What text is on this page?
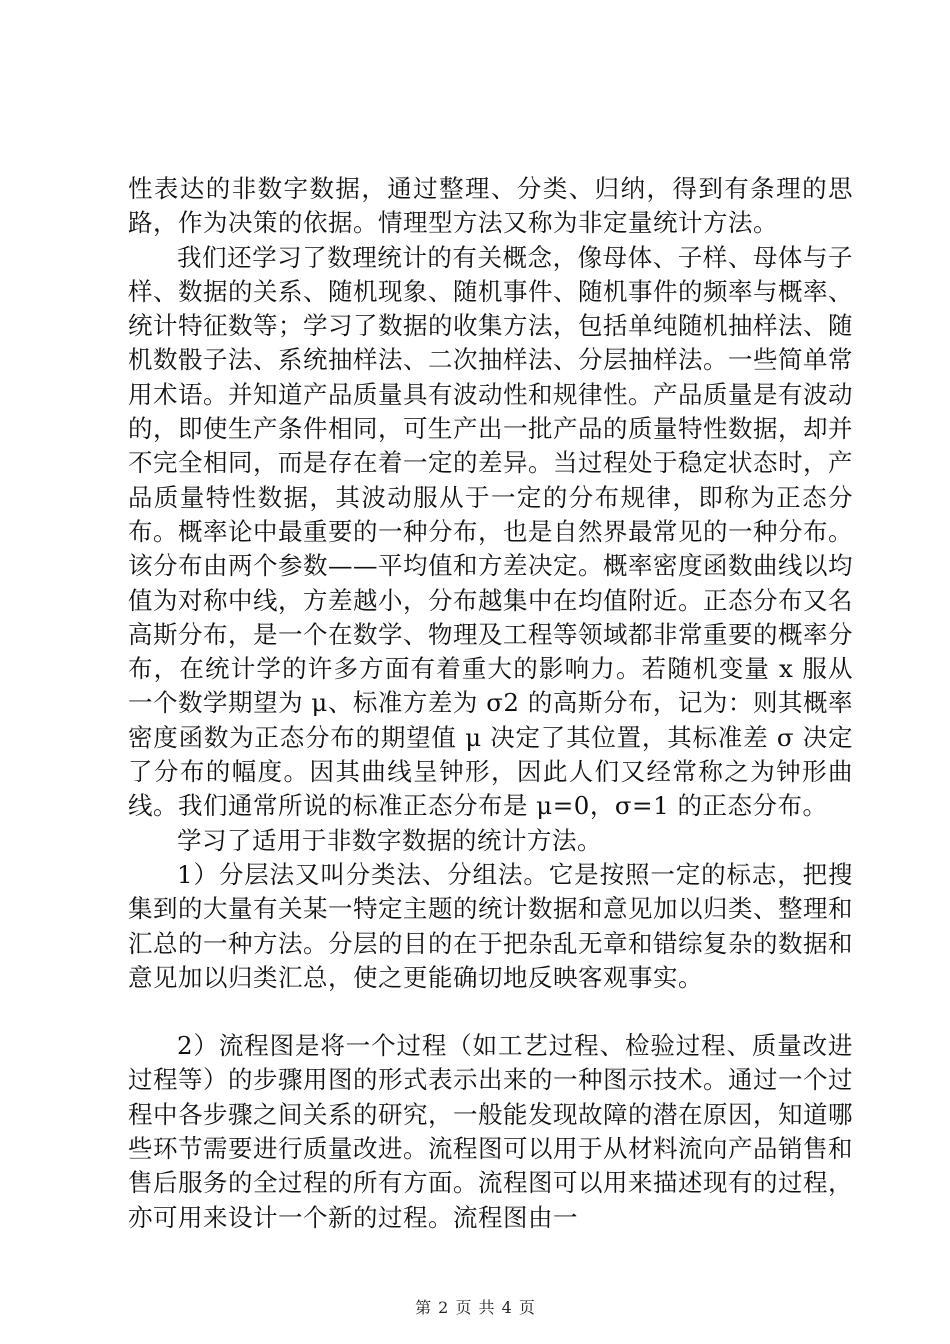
性表达的非数字数据，通过整理、分类、归纳，得到有条理的思路，作为决策的依据。情理型方法又称为非定量统计方法。

我们还学习了数理统计的有关概念，像母体、子样、母体与子样、数据的关系、随机现象、随机事件、随机事件的频率与概率、统计特征数等；学习了数据的收集方法，包括单纯随机抽样法、随机数骰子法、系统抽样法、二次抽样法、分层抽样法。一些简单常用术语。并知道产品质量具有波动性和规律性。产品质量是有波动的，即使生产条件相同，可生产出一批产品的质量特性数据，却并不完全相同，而是存在着一定的差异。当过程处于稳定状态时，产品质量特性数据，其波动服从于一定的分布规律，即称为正态分布。概率论中最重要的一种分布，也是自然界最常见的一种分布。该分布由两个参数——平均值和方差决定。概率密度函数曲线以均值为对称中线，方差越小，分布越集中在均值附近。正态分布又名高斯分布，是一个在数学、物理及工程等领域都非常重要的概率分布，在统计学的许多方面有着重大的影响力。若随机变量 x 服从一个数学期望为 μ、标准方差为 σ2 的高斯分布，记为：则其概率密度函数为正态分布的期望值 μ 决定了其位置，其标准差 σ 决定了分布的幅度。因其曲线呈钟形，因此人们又经常称之为钟形曲线。我们通常所说的标准正态分布是 μ=0，σ=1 的正态分布。

学习了适用于非数字数据的统计方法。

1）分层法又叫分类法、分组法。它是按照一定的标志，把搜集到的大量有关某一特定主题的统计数据和意见加以归类、整理和汇总的一种方法。分层的目的在于把杂乱无章和错综复杂的数据和意见加以归类汇总，使之更能确切地反映客观事实。

2）流程图是将一个过程（如工艺过程、检验过程、质量改进过程等）的步骤用图的形式表示出来的一种图示技术。通过一个过程中各步骤之间关系的研究，一般能发现故障的潜在原因，知道哪些环节需要进行质量改进。流程图可以用于从材料流向产品销售和售后服务的全过程的所有方面。流程图可以用来描述现有的过程，亦可用来设计一个新的过程。流程图由一

第 2 页 共 4 页
